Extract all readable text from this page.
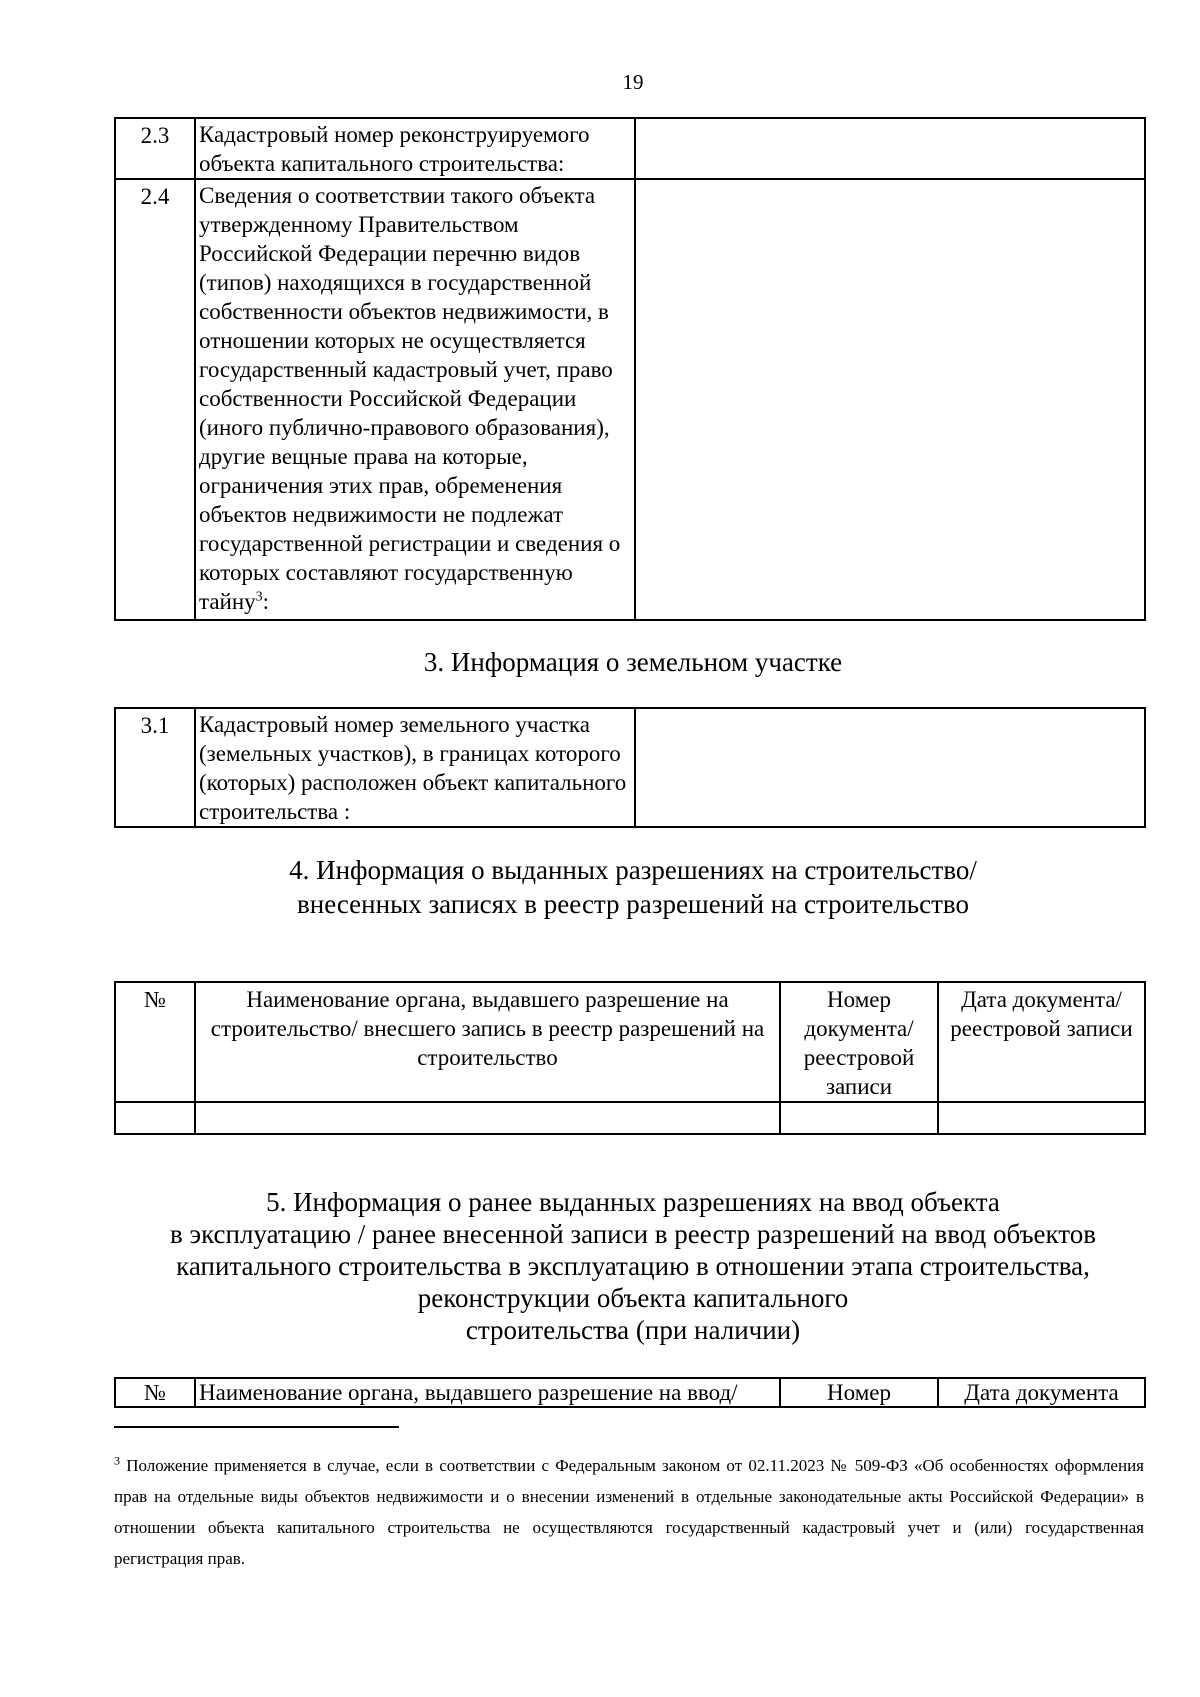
19
2.3	Кадастровый номер реконструируемого объекта капитального строительства:	
2.4	Сведения о соответствии такого объекта утвержденному Правительством Российской Федерации перечню видов (типов) находящихся в государственной собственности объектов недвижимости, в отношении которых не осуществляется государственный кадастровый учет, право собственности Российской Федерации (иного публично-правового образования), другие вещные права на которые, ограничения этих прав, обременения объектов недвижимости не подлежат государственной регистрации и сведения о которых составляют государственную тайну$^3$:	
3. Информация о земельном участке
3.1	Кадастровый номер земельного участка (земельных участков), в границах которого (которых) расположен объект капитального строительства :	
4. Информация о выданных разрешениях на строительство/
внесенных записях в реестр разрешений на строительство
№	Наименование органа, выдавшего разрешение на строительство/ внесшего запись в реестр разрешений на строительство	Номер документа/ реестровой записи	Дата документа/ реестровой записи

5. Информация о ранее выданных разрешениях на ввод объекта
в эксплуатацию / ранее внесенной записи в реестр разрешений на ввод объектов
капитального строительства в эксплуатацию в отношении этапа строительства,
реконструкции объекта капитального
строительства (при наличии)
№	Наименование органа, выдавшего разрешение на ввод/	Номер	Дата документа
$^3$ Положение применяется в случае, если в соответствии с Федеральным законом от 02.11.2023 № 509-ФЗ «Об особенностях оформления прав на отдельные виды объектов недвижимости и о внесении изменений в отдельные законодательные акты Российской Федерации» в отношении объекта капитального строительства не осуществляются государственный кадастровый учет и (или) государственная регистрация прав.
